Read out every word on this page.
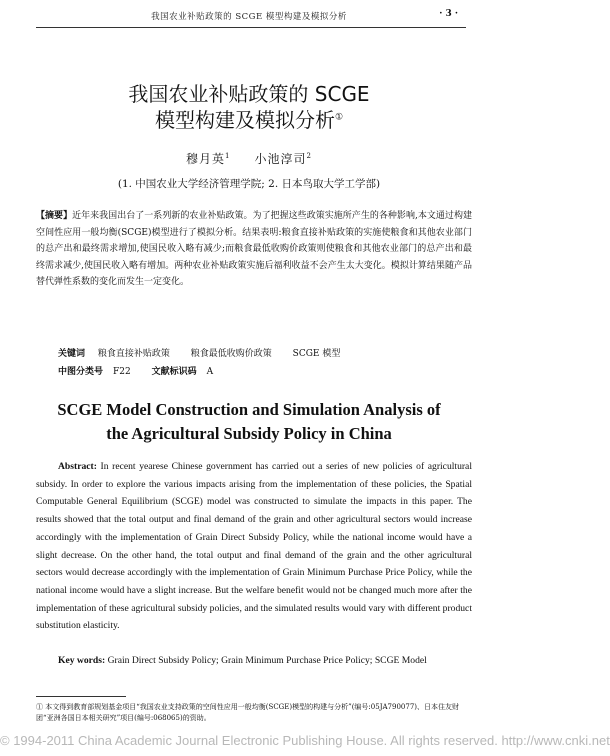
我国农业补贴政策的 SCGE 模型构建及模拟分析	· 3 ·
我国农业补贴政策的 SCGE
模型构建及模拟分析①
穆月英$^1$ 小池淳司$^2$
(1. 中国农业大学经济管理学院; 2. 日本鸟取大学工学部)
【摘要】近年来我国出台了一系列新的农业补贴政策。为了把握这些政策实施所产生的各种影响,本文通过构建空间性应用一般均衡(SCGE)模型进行了模拟分析。结果表明:粮食直接补贴政策的实施使粮食和其他农业部门的总产出和最终需求增加,使国民收入略有减少;而粮食最低收购价政策则使粮食和其他农业部门的总产出和最终需求减少,使国民收入略有增加。两种农业补贴政策实施后福利收益不会产生太大变化。模拟计算结果随产品替代弹性系数的变化而发生一定变化。
关键词 粮食直接补贴政策 粮食最低收购价政策 SCGE 模型
中图分类号 F22 文献标识码 A
SCGE Model Construction and Simulation Analysis of
the Agricultural Subsidy Policy in China
Abstract: In recent yearese Chinese government has carried out a series of new policies of agricultural subsidy. In order to explore the various impacts arising from the implementation of these policies, the Spatial Computable General Equilibrium (SCGE) model was constructed to simulate the impacts in this paper. The results showed that the total output and final demand of the grain and other agricultural sectors would increase accordingly with the implementation of Grain Direct Subsidy Policy, while the national income would have a slight decrease. On the other hand, the total output and final demand of the grain and the other agricultural sectors would decrease accordingly with the implementation of Grain Minimum Purchase Price Policy, while the national income would have a slight increase. But the welfare benefit would not be changed much more after the implementation of these agricultural subsidy policies, and the simulated results would vary with different product substitution elasticity.
Key words: Grain Direct Subsidy Policy; Grain Minimum Purchase Price Policy; SCGE Model
① 本文得到教育部规划基金项目“我国农业支持政策的空间性应用一般均衡(SCGE)模型的构建与分析”(编号:05JA790077)、日本住友财团“亚洲各国日本相关研究”项目(编号:068065)的资助。
© 1994-2011 China Academic Journal Electronic Publishing House. All rights reserved. http://www.cnki.net
